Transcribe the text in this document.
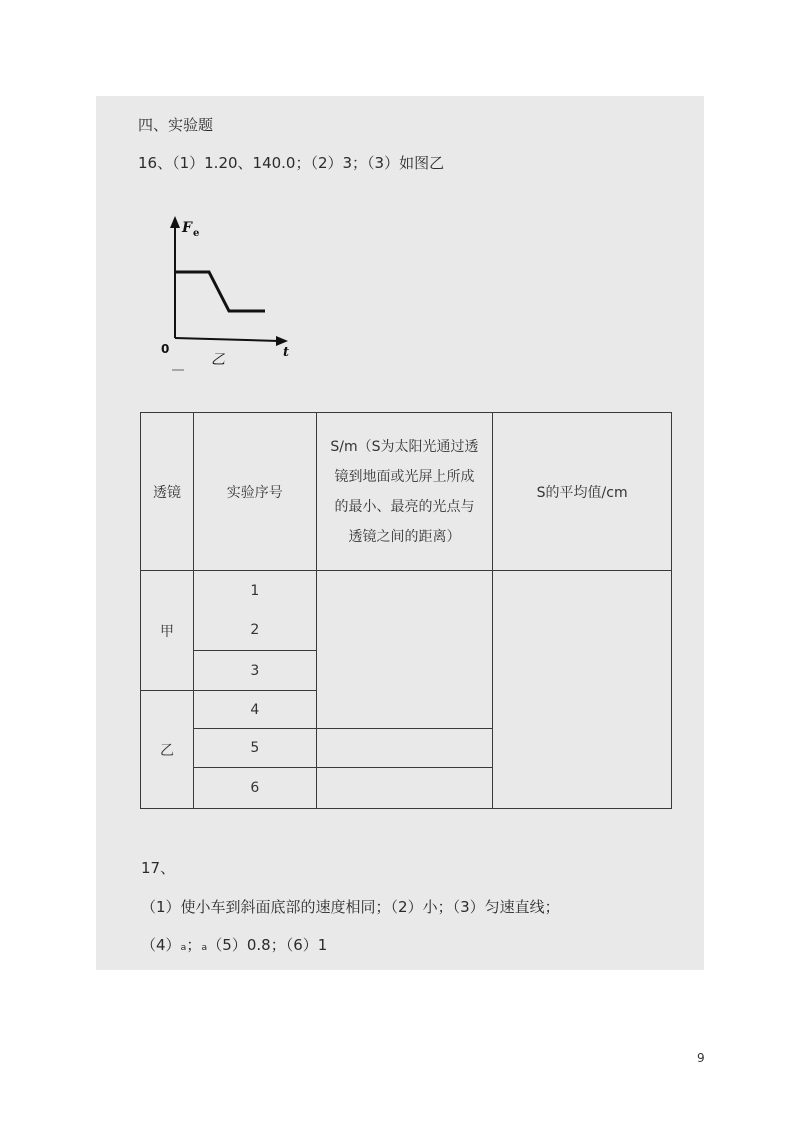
四、实验题
16、（1）1.20、140.0；（2）3；（3）如图乙
F e
t
0
乙
透镜	实验序号	S/m（S为太阳光通过透
镜到地面或光屏上所成
的最小、最亮的光点与
透镜之间的距离）	S的平均值/cm
甲	1		
	2		
	3		
乙	4		
	5		
	6		
17、
（1）使小车到斜面底部的速度相同；（2）小；（3）匀速直线；
（4）ₐ；ₐ（5）0.8；（6）1
9
